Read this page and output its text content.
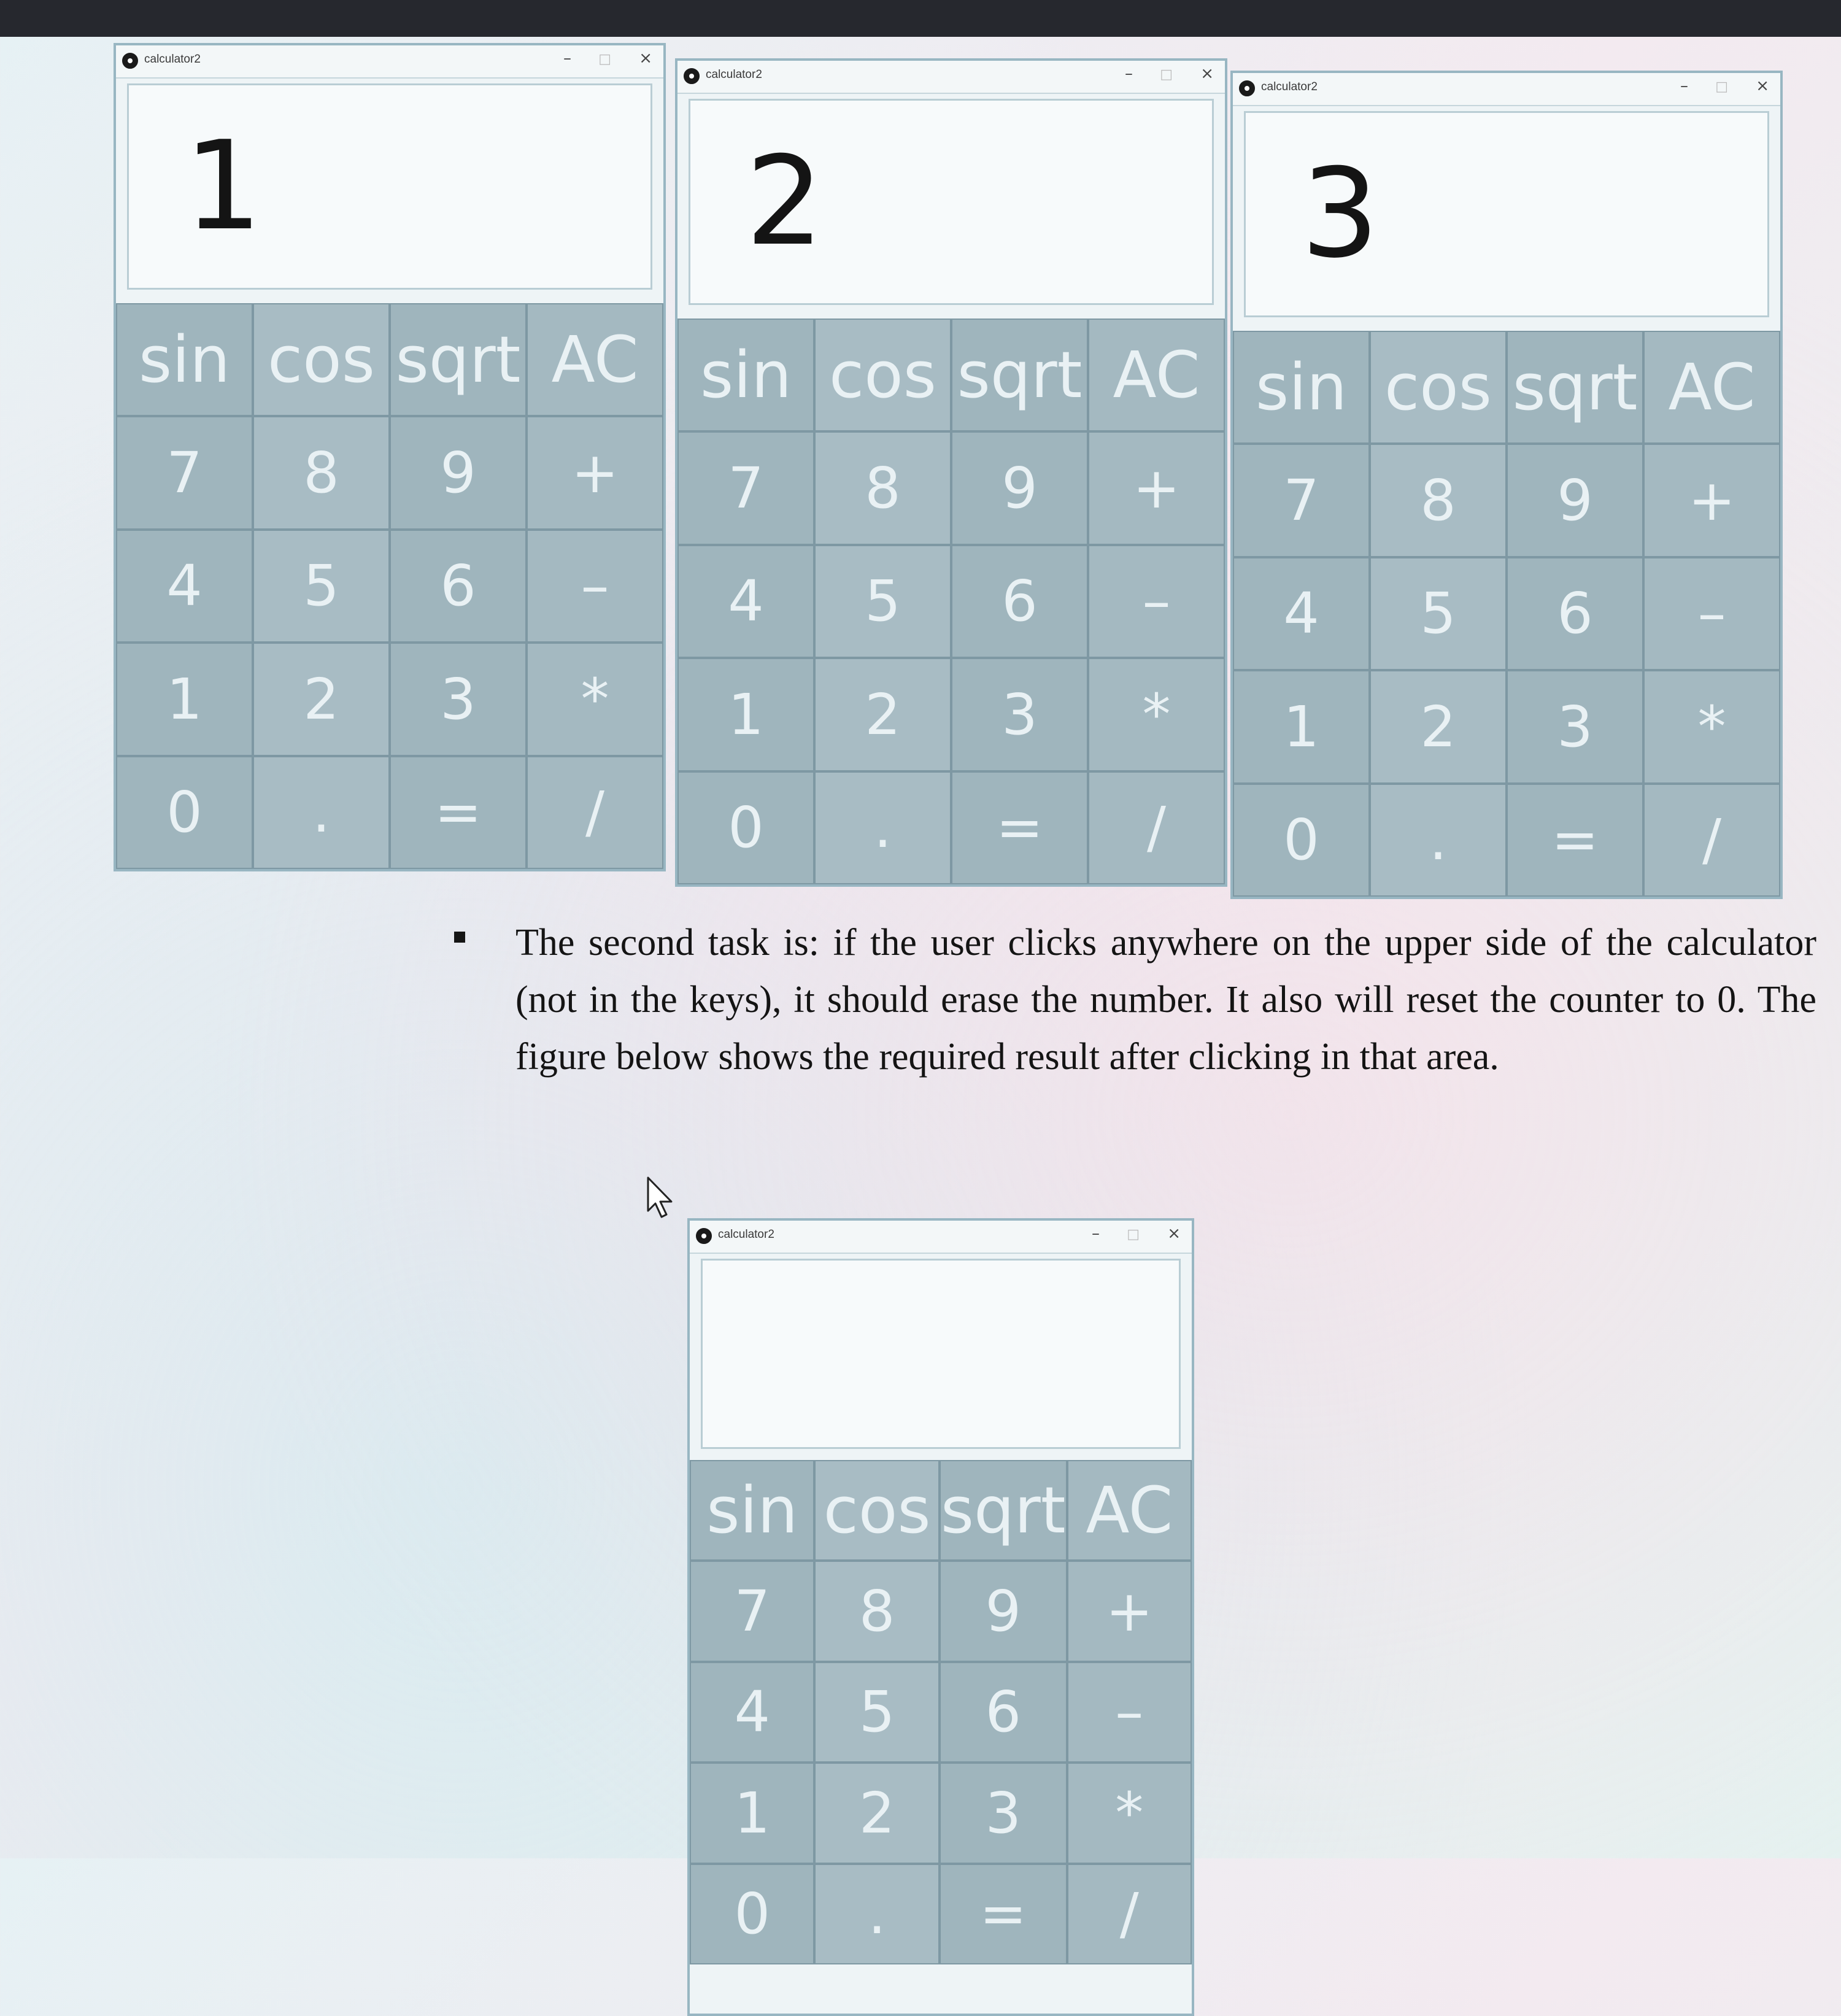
calculator2	– □ ×
1
sin cos sqrt AC
7	8	9	+
4	5	6	–
1	2	3	*
0	.	=	/
calculator2	– □ ×
2
sin cos sqrt AC
7	8	9	+
4	5	6	–
1	2	3	*
0	.	=	/
calculator2	– □ ×
3
sin cos sqrt AC
7	8	9	+
4	5	6	–
1	2	3	*
0	.	=	/

The second task is: if the user clicks anywhere on the upper side of the calculator (not in the keys), it should erase the number. It also will reset the counter to 0. The figure below shows the required result after clicking in that area.

calculator2	– □ ×
sin cos sqrt AC
7	8	9	+
4	5	6	–
1	2	3	*
0	.	=	/
